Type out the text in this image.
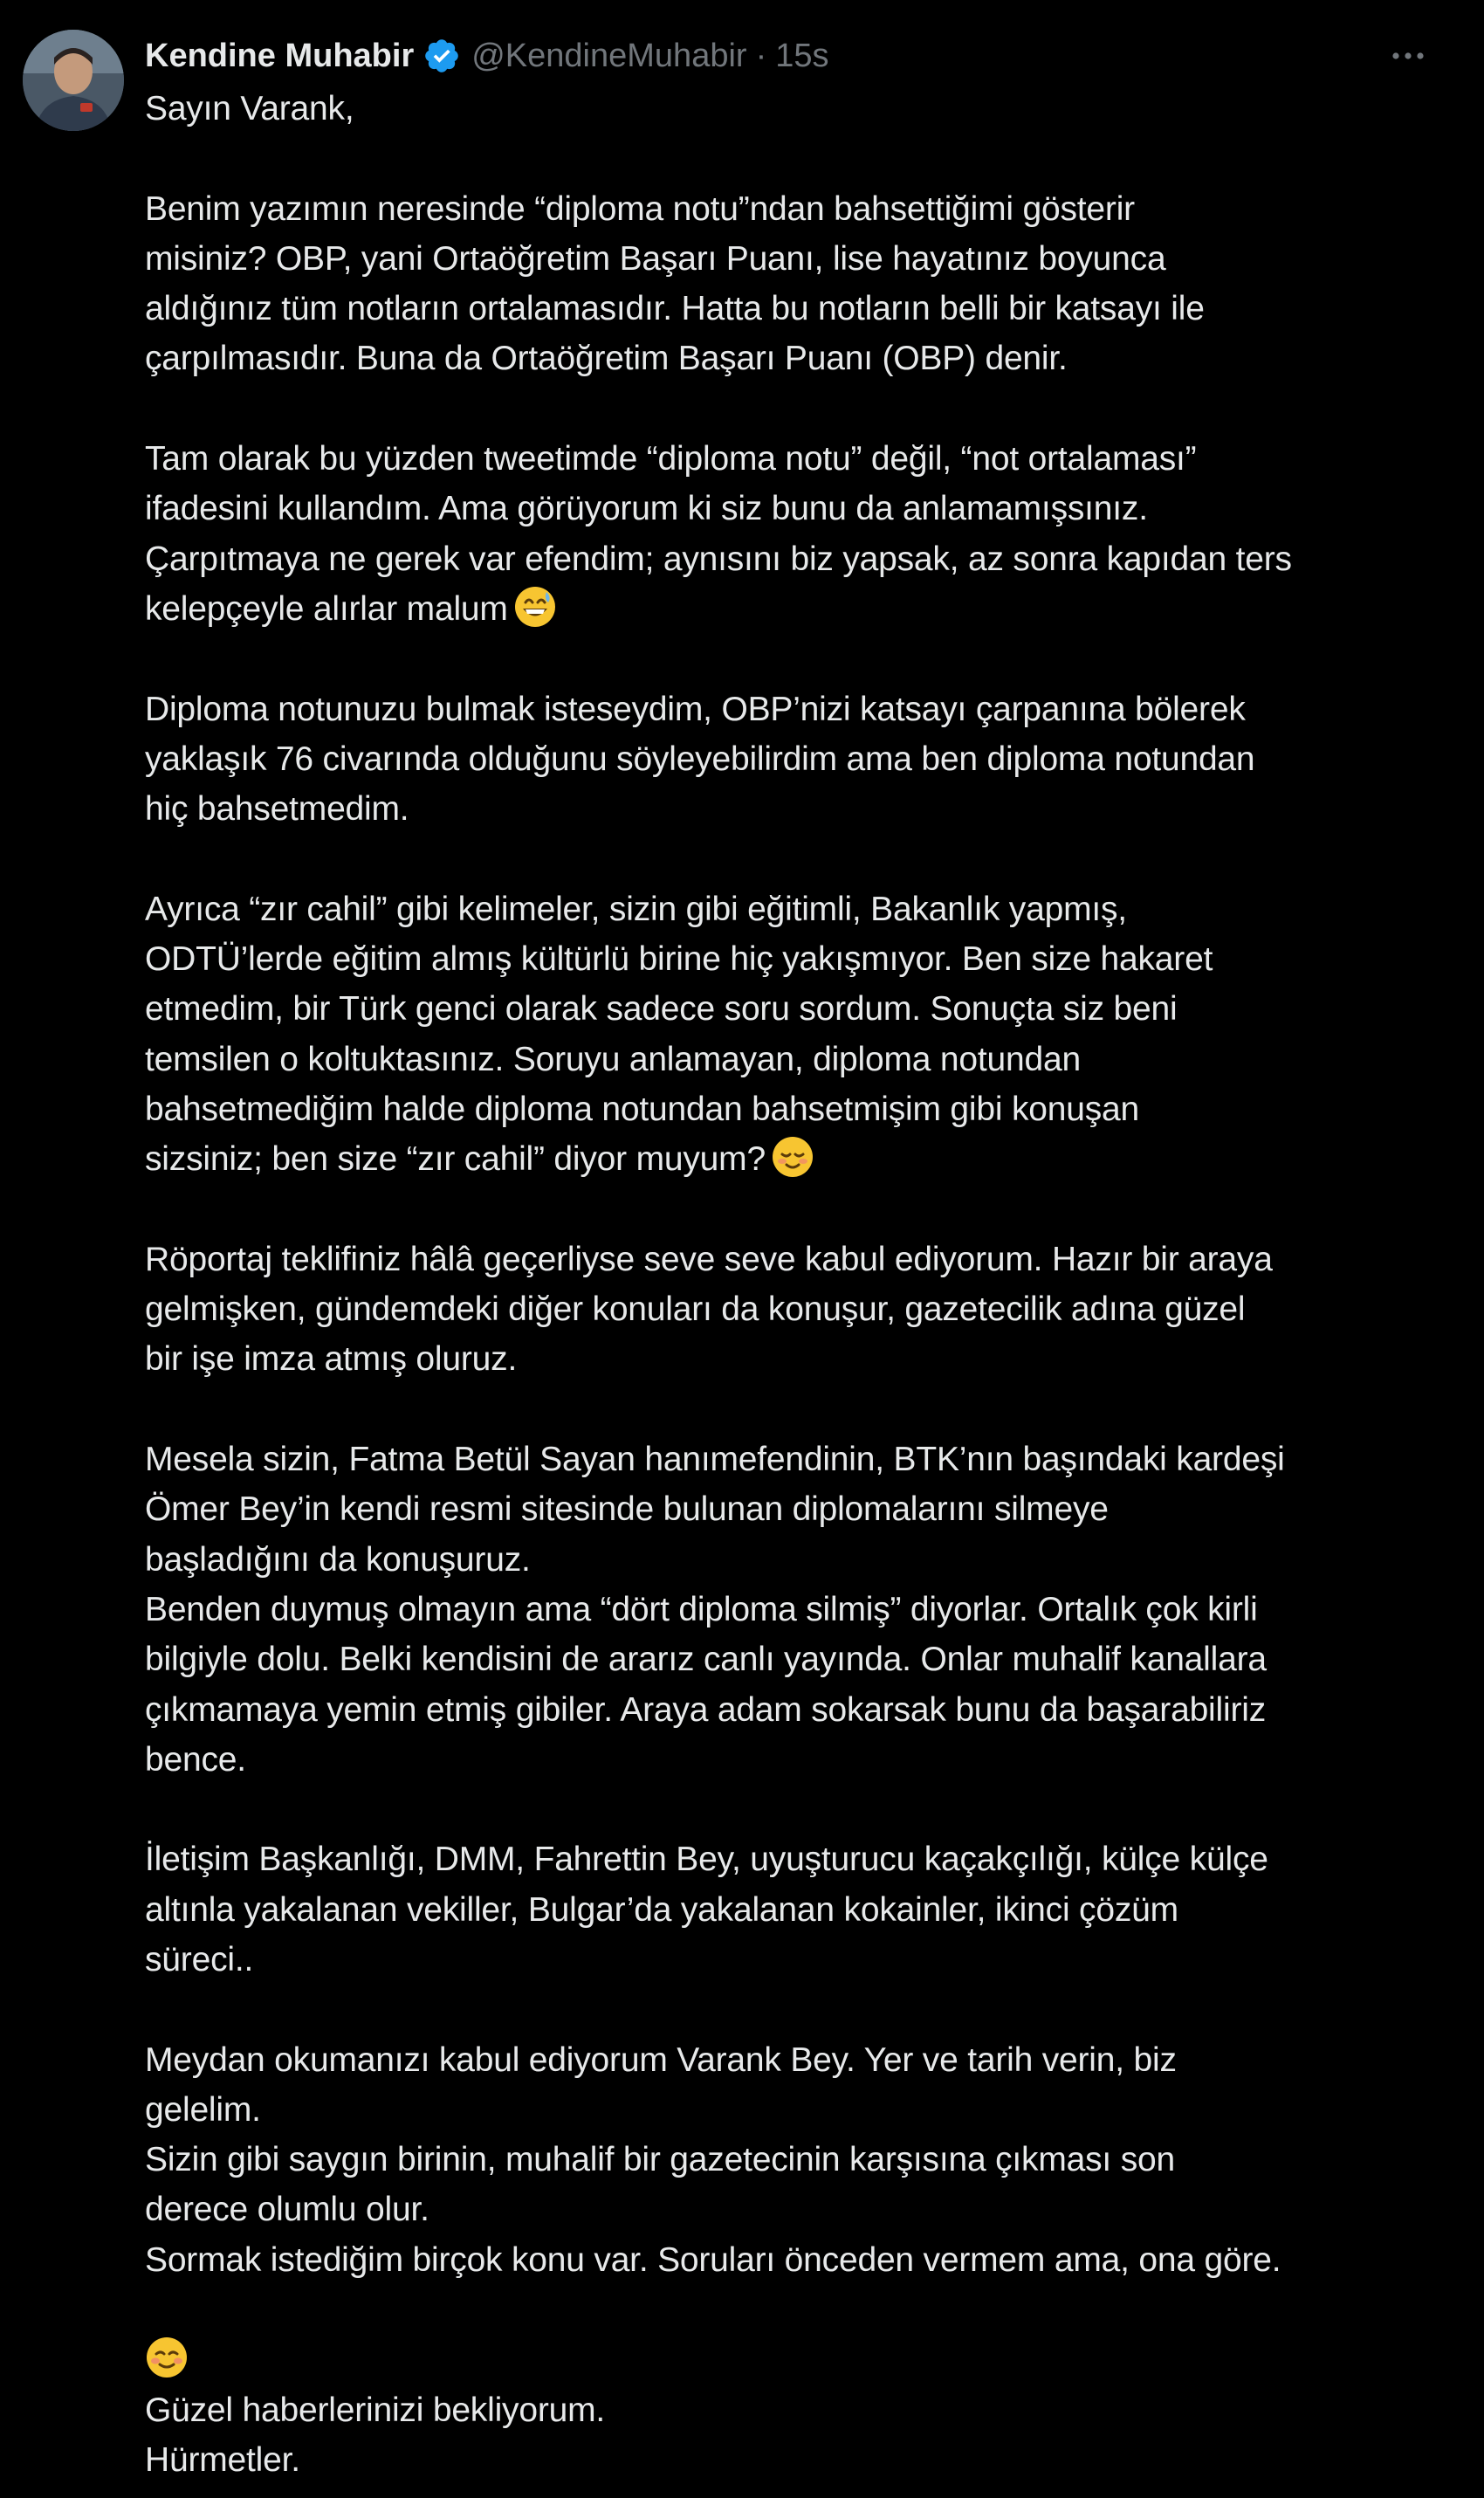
Kendine Muhabir @KendineMuhabir · 15s
Sayın Varank,
Benim yazımın neresinde “diploma notu”ndan bahsettiğimi gösterir
misiniz? OBP, yani Ortaöğretim Başarı Puanı, lise hayatınız boyunca
aldığınız tüm notların ortalamasıdır. Hatta bu notların belli bir katsayı ile
çarpılmasıdır. Buna da Ortaöğretim Başarı Puanı (OBP) denir.
Tam olarak bu yüzden tweetimde “diploma notu” değil, “not ortalaması”
ifadesini kullandım. Ama görüyorum ki siz bunu da anlamamışsınız.
Çarpıtmaya ne gerek var efendim; aynısını biz yapsak, az sonra kapıdan ters
kelepçeyle alırlar malum
Diploma notunuzu bulmak isteseydim, OBP’nizi katsayı çarpanına bölerek
yaklaşık 76 civarında olduğunu söyleyebilirdim ama ben diploma notundan
hiç bahsetmedim.
Ayrıca “zır cahil” gibi kelimeler, sizin gibi eğitimli, Bakanlık yapmış,
ODTÜ’lerde eğitim almış kültürlü birine hiç yakışmıyor. Ben size hakaret
etmedim, bir Türk genci olarak sadece soru sordum. Sonuçta siz beni
temsilen o koltuktasınız. Soruyu anlamayan, diploma notundan
bahsetmediğim halde diploma notundan bahsetmişim gibi konuşan
sizsiniz; ben size “zır cahil” diyor muyum?
Röportaj teklifiniz hâlâ geçerliyse seve seve kabul ediyorum. Hazır bir araya
gelmişken, gündemdeki diğer konuları da konuşur, gazetecilik adına güzel
bir işe imza atmış oluruz.
Mesela sizin, Fatma Betül Sayan hanımefendinin, BTK’nın başındaki kardeşi
Ömer Bey’in kendi resmi sitesinde bulunan diplomalarını silmeye
başladığını da konuşuruz.
Benden duymuş olmayın ama “dört diploma silmiş” diyorlar. Ortalık çok kirli
bilgiyle dolu. Belki kendisini de ararız canlı yayında. Onlar muhalif kanallara
çıkmamaya yemin etmiş gibiler. Araya adam sokarsak bunu da başarabiliriz
bence.
İletişim Başkanlığı, DMM, Fahrettin Bey, uyuşturucu kaçakçılığı, külçe külçe
altınla yakalanan vekiller, Bulgar’da yakalanan kokainler, ikinci çözüm
süreci..
Meydan okumanızı kabul ediyorum Varank Bey. Yer ve tarih verin, biz
gelelim.
Sizin gibi saygın birinin, muhalif bir gazetecinin karşısına çıkması son
derece olumlu olur.
Sormak istediğim birçok konu var. Soruları önceden vermem ama, ona göre.
Güzel haberlerinizi bekliyorum.
Hürmetler.
